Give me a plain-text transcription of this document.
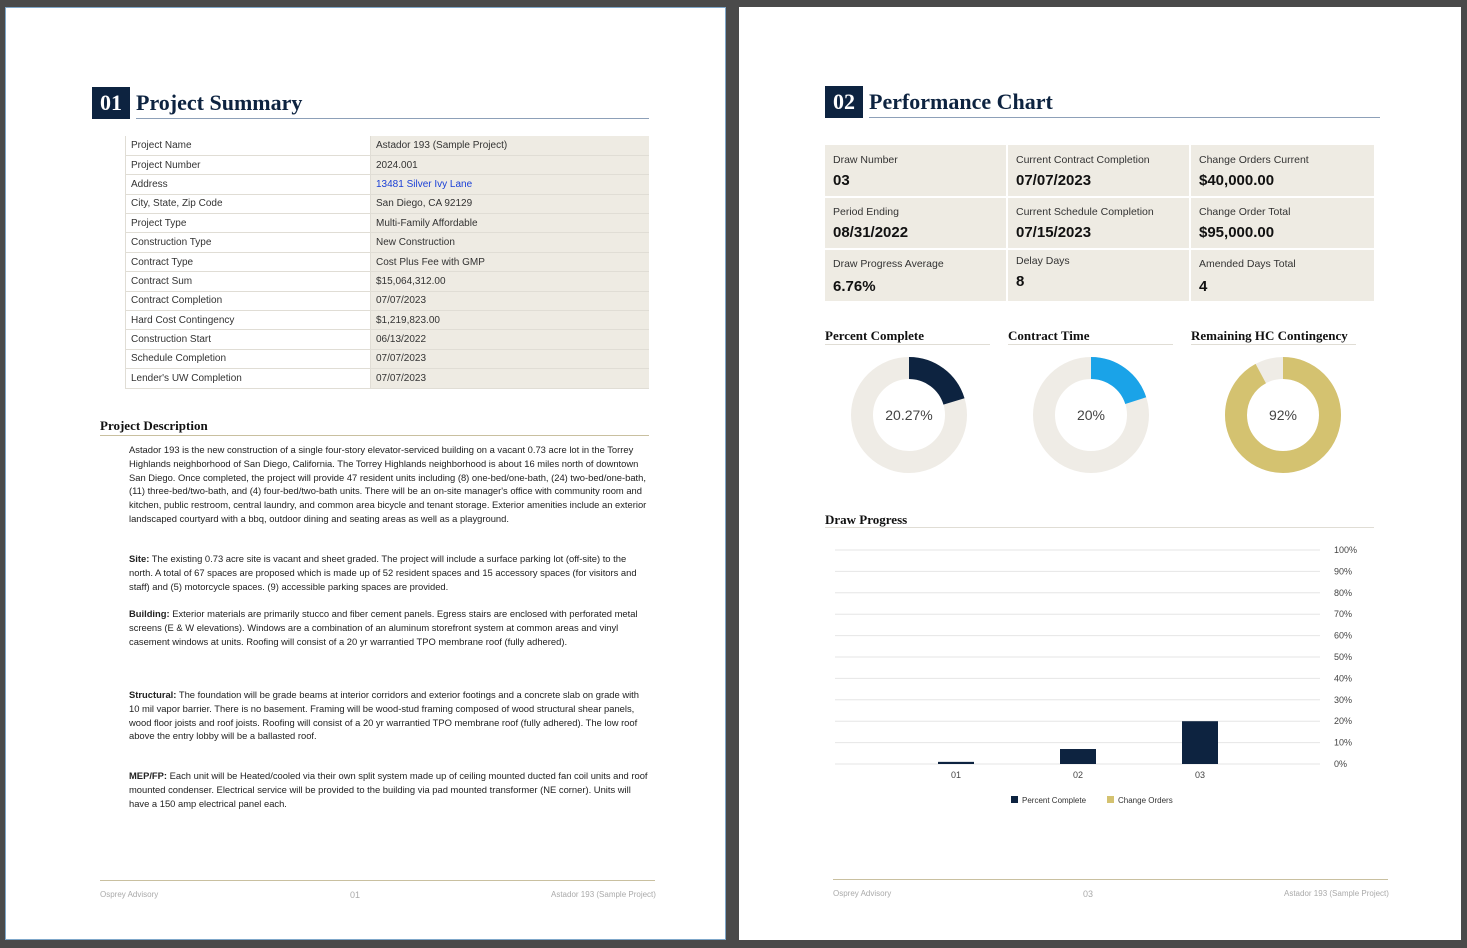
01 Project Summary
Project Name	Astador 193 (Sample Project)
Project Number	2024.001
Address	13481 Silver Ivy Lane
City, State, Zip Code	San Diego, CA 92129
Project Type	Multi-Family Affordable
Construction Type	New Construction
Contract Type	Cost Plus Fee with GMP
Contract Sum	$15,064,312.00
Contract Completion	07/07/2023
Hard Cost Contingency	$1,219,823.00
Construction Start	06/13/2022
Schedule Completion	07/07/2023
Lender's UW Completion	07/07/2023
Project Description
Astador 193 is the new construction of a single four-story elevator-serviced building on a vacant 0.73 acre lot in the Torrey Highlands neighborhood of San Diego, California. The Torrey Highlands neighborhood is about 16 miles north of downtown San Diego. Once completed, the project will provide 47 resident units including (8) one-bed/one-bath, (24) two-bed/one-bath, (11) three-bed/two-bath, and (4) four-bed/two-bath units. There will be an on-site manager's office with community room and kitchen, public restroom, central laundry, and common area bicycle and tenant storage. Exterior amenities include an exterior landscaped courtyard with a bbq, outdoor dining and seating areas as well as a playground.
Site: The existing 0.73 acre site is vacant and sheet graded. The project will include a surface parking lot (off-site) to the north. A total of 67 spaces are proposed which is made up of 52 resident spaces and 15 accessory spaces (for visitors and staff) and (5) motorcycle spaces. (9) accessible parking spaces are provided.
Building: Exterior materials are primarily stucco and fiber cement panels. Egress stairs are enclosed with perforated metal screens (E & W elevations). Windows are a combination of an aluminum storefront system at common areas and vinyl casement windows at units. Roofing will consist of a 20 yr warrantied TPO membrane roof (fully adhered).
Structural: The foundation will be grade beams at interior corridors and exterior footings and a concrete slab on grade with 10 mil vapor barrier. There is no basement. Framing will be wood-stud framing composed of wood structural shear panels, wood floor joists and roof joists. Roofing will consist of a 20 yr warrantied TPO membrane roof (fully adhered). The low roof above the entry lobby will be a ballasted roof.
MEP/FP: Each unit will be Heated/cooled via their own split system made up of ceiling mounted ducted fan coil units and roof mounted condenser. Electrical service will be provided to the building via pad mounted transformer (NE corner). Units will have a 150 amp electrical panel each.
Osprey Advisory	01	Astador 193 (Sample Project)
02 Performance Chart
Draw Number
03
Current Contract Completion
07/07/2023
Change Orders Current
$40,000.00
Period Ending
08/31/2022
Current Schedule Completion
07/15/2023
Change Order Total
$95,000.00
Draw Progress Average
6.76%
Delay Days
8
Amended Days Total
4
Percent Complete
20.27%
Contract Time
20%
Remaining HC Contingency
92%
Draw Progress
0%
10%
20%
30%
40%
50%
60%
70%
80%
90%
100%
01	02	03
Percent Complete	Change Orders
Osprey Advisory	03	Astador 193 (Sample Project)
